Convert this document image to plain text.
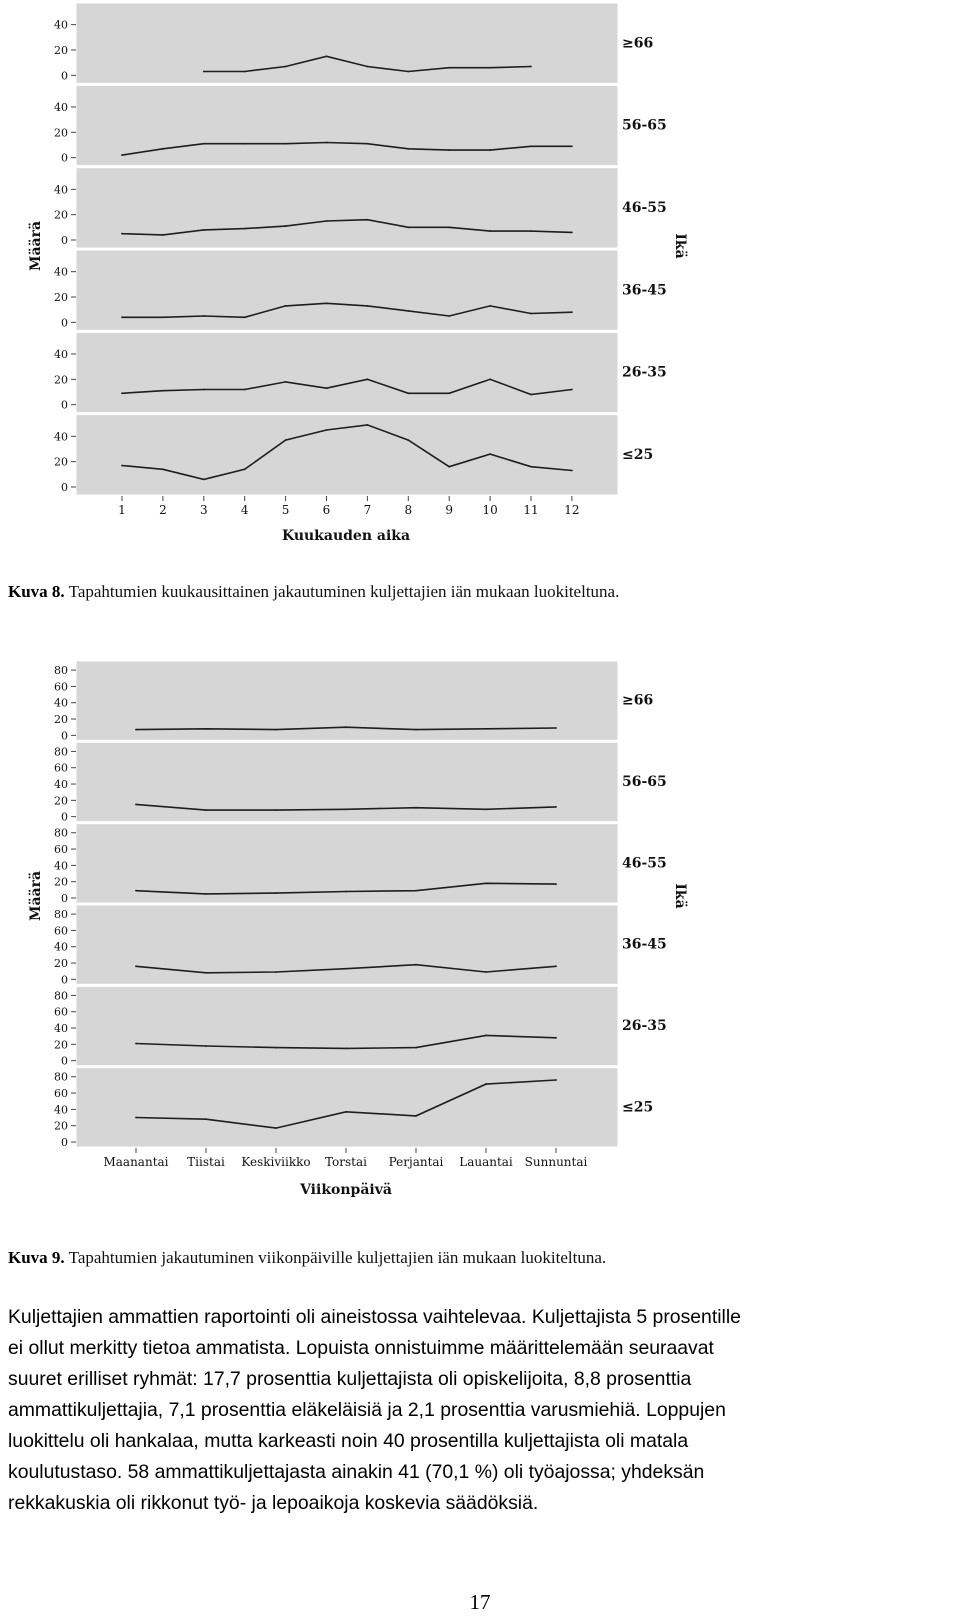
0
20
40
≥66
0
20
40
56-65
0
20
40
46-55
0
20
40
36-45
0
20
40
26-35
0
20
40
≤25
1	2	3	4	5	6	7	8	9 10 11 12
Kuukauden aika
Määrä	Ikä
Kuva 8. Tapahtumien kuukausittainen jakautuminen kuljettajien iän mukaan luokiteltuna.
0
20
40
60
80
≥66
0
20
40
60
80
56-65
0
20
40
60
80
46-55
0
20
40
60
80
36-45
0
20
40
60
80
26-35
0
20
40
60
80
≤25
Maanantai Tiistai Keskiviikko Torstai Perjantai Lauantai Sunnuntai
Viikonpäivä
Määrä	Ikä
Kuva 9. Tapahtumien jakautuminen viikonpäiville kuljettajien iän mukaan luokiteltuna.
Kuljettajien ammattien raportointi oli aineistossa vaihtelevaa. Kuljettajista 5 prosentille
ei ollut merkitty tietoa ammatista. Lopuista onnistuimme määrittelemään seuraavat
suuret erilliset ryhmät: 17,7 prosenttia kuljettajista oli opiskelijoita, 8,8 prosenttia
ammattikuljettajia, 7,1 prosenttia eläkeläisiä ja 2,1 prosenttia varusmiehiä. Loppujen
luokittelu oli hankalaa, mutta karkeasti noin 40 prosentilla kuljettajista oli matala
koulutustaso. 58 ammattikuljettajasta ainakin 41 (70,1 %) oli työajossa; yhdeksän
rekkakuskia oli rikkonut työ- ja lepoaikoja koskevia säädöksiä.
17
